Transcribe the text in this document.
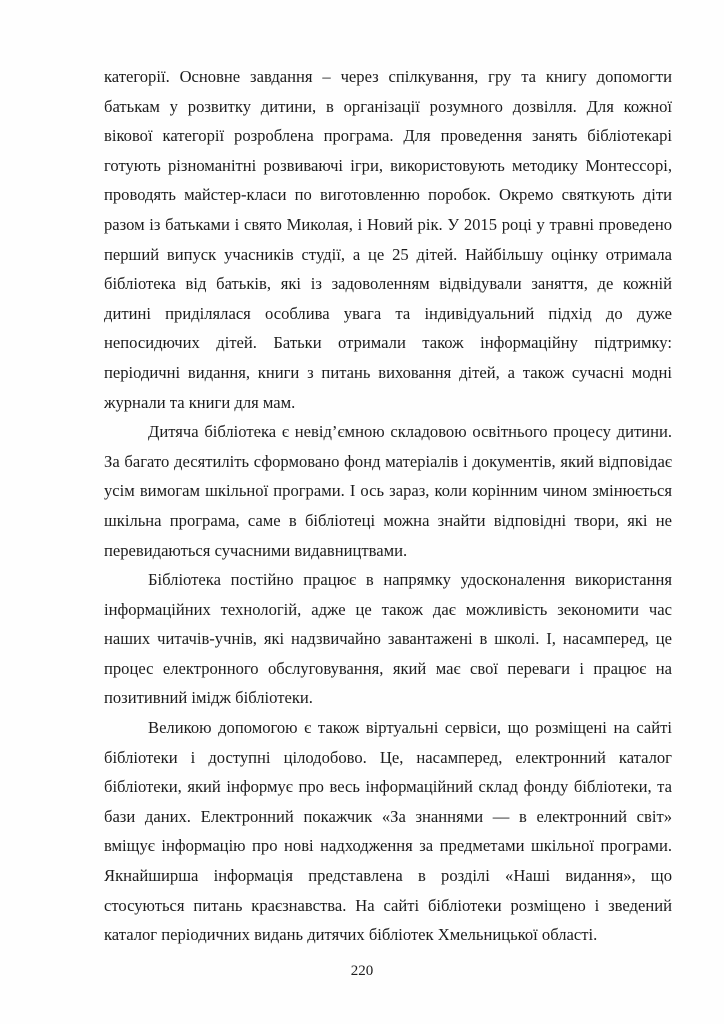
категорії. Основне завдання – через спілкування, гру та книгу допомогти батькам у розвитку дитини, в організації розумного дозвілля. Для кожної вікової категорії розроблена програма. Для проведення занять бібліотекарі готують різноманітні розвиваючі ігри, використовують методику Монтессорі, проводять майстер-класи по виготовленню поробок. Окремо святкують діти разом із батьками і свято Миколая, і Новий рік. У 2015 році у травні проведено перший випуск учасників студії, а це 25 дітей. Найбільшу оцінку отримала бібліотека від батьків, які із задоволенням відвідували заняття, де кожній дитині приділялася особлива увага та індивідуальний підхід до дуже непосидючих дітей. Батьки отримали також інформаційну підтримку: періодичні видання, книги з питань виховання дітей, а також сучасні модні журнали та книги для мам.

Дитяча бібліотека є невід’ємною складовою освітнього процесу дитини. За багато десятиліть сформовано фонд матеріалів і документів, який відповідає усім вимогам шкільної програми. І ось зараз, коли корінним чином змінюється шкільна програма, саме в бібліотеці можна знайти відповідні твори, які не перевидаються сучасними видавництвами.

Бібліотека постійно працює в напрямку удосконалення використання інформаційних технологій, адже це також дає можливість зекономити час наших читачів-учнів, які надзвичайно завантажені в школі. І, насамперед, це процес електронного обслуговування, який має свої переваги і працює на позитивний імідж бібліотеки.

Великою допомогою є також віртуальні сервіси, що розміщені на сайті бібліотеки і доступні цілодобово. Це, насамперед, електронний каталог бібліотеки, який інформує про весь інформаційний склад фонду бібліотеки, та бази даних. Електронний покажчик «За знаннями — в електронний світ» вміщує інформацію про нові надходження за предметами шкільної програми. Якнайширша інформація представлена в розділі «Наші видання», що стосуються питань краєзнавства. На сайті бібліотеки розміщено і зведений каталог періодичних видань дитячих бібліотек Хмельницької області.

220
